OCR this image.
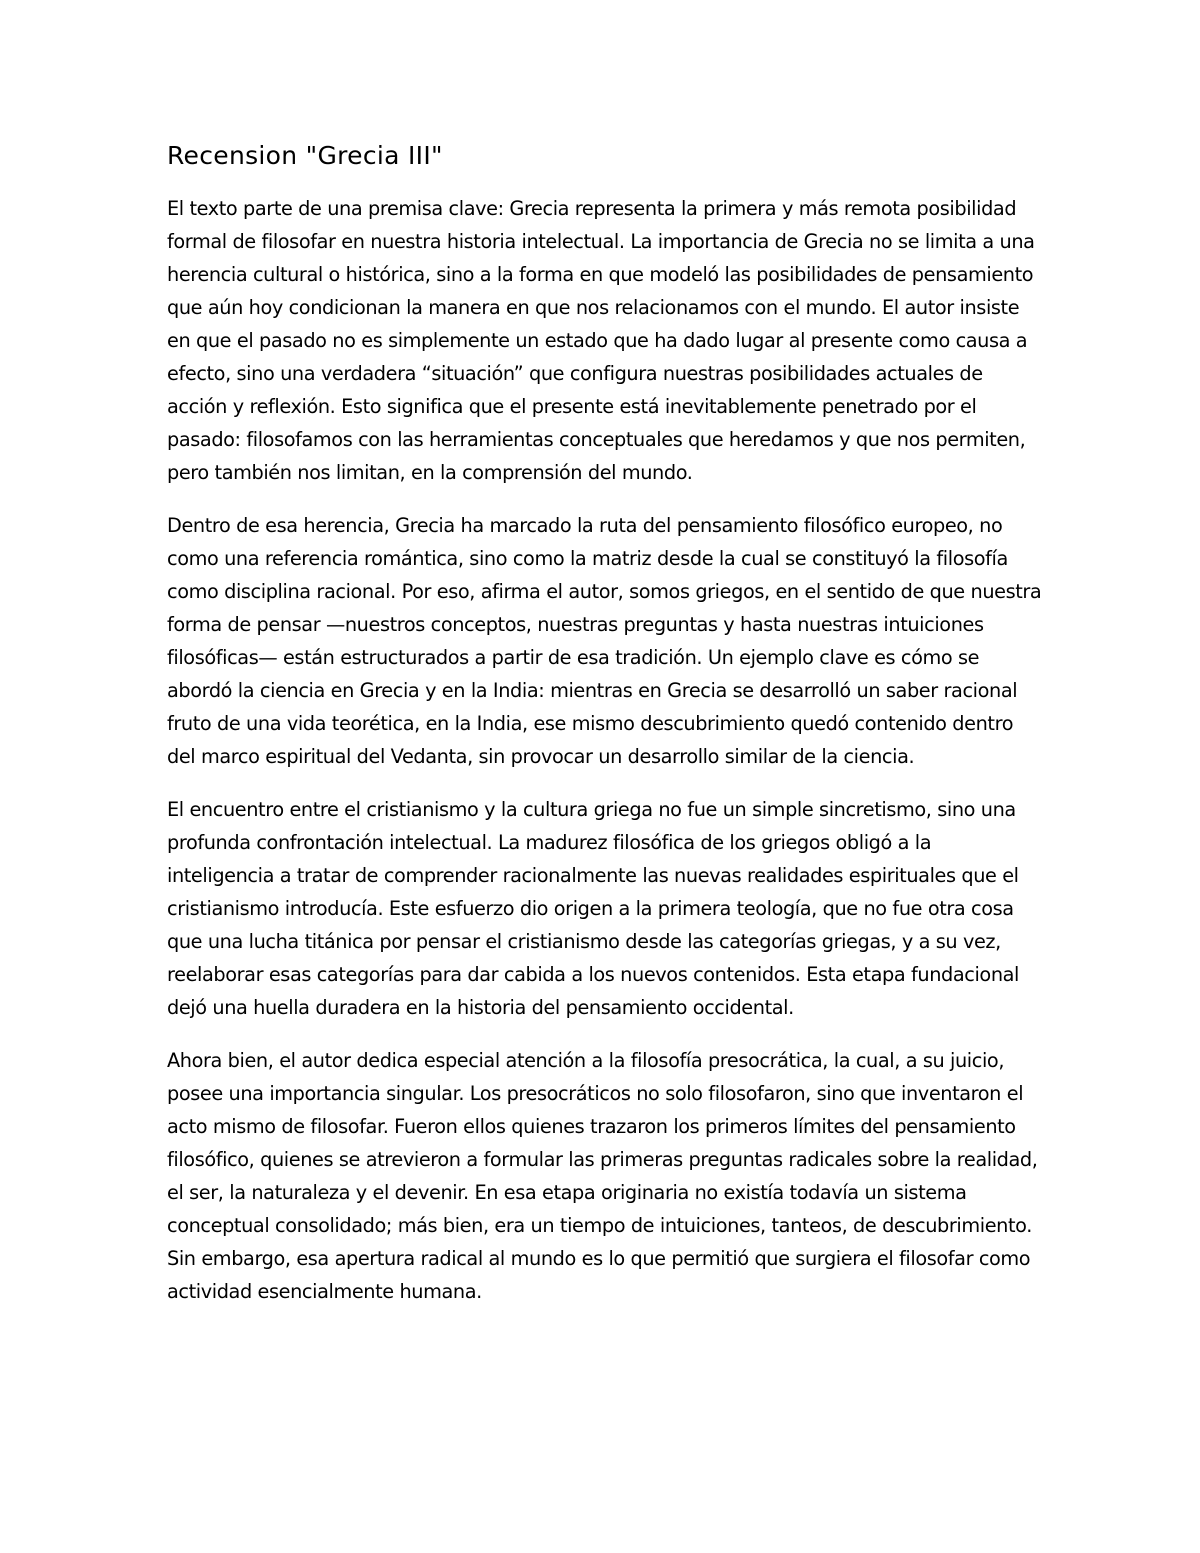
Recension "Grecia III"

El texto parte de una premisa clave: Grecia representa la primera y más remota posibilidad formal de filosofar en nuestra historia intelectual. La importancia de Grecia no se limita a una herencia cultural o histórica, sino a la forma en que modeló las posibilidades de pensamiento que aún hoy condicionan la manera en que nos relacionamos con el mundo. El autor insiste en que el pasado no es simplemente un estado que ha dado lugar al presente como causa a efecto, sino una verdadera “situación” que configura nuestras posibilidades actuales de acción y reflexión. Esto significa que el presente está inevitablemente penetrado por el pasado: filosofamos con las herramientas conceptuales que heredamos y que nos permiten, pero también nos limitan, en la comprensión del mundo.

Dentro de esa herencia, Grecia ha marcado la ruta del pensamiento filosófico europeo, no como una referencia romántica, sino como la matriz desde la cual se constituyó la filosofía como disciplina racional. Por eso, afirma el autor, somos griegos, en el sentido de que nuestra forma de pensar —nuestros conceptos, nuestras preguntas y hasta nuestras intuiciones filosóficas— están estructurados a partir de esa tradición. Un ejemplo clave es cómo se abordó la ciencia en Grecia y en la India: mientras en Grecia se desarrolló un saber racional fruto de una vida teorética, en la India, ese mismo descubrimiento quedó contenido dentro del marco espiritual del Vedanta, sin provocar un desarrollo similar de la ciencia.

El encuentro entre el cristianismo y la cultura griega no fue un simple sincretismo, sino una profunda confrontación intelectual. La madurez filosófica de los griegos obligó a la inteligencia a tratar de comprender racionalmente las nuevas realidades espirituales que el cristianismo introducía. Este esfuerzo dio origen a la primera teología, que no fue otra cosa que una lucha titánica por pensar el cristianismo desde las categorías griegas, y a su vez, reelaborar esas categorías para dar cabida a los nuevos contenidos. Esta etapa fundacional dejó una huella duradera en la historia del pensamiento occidental.

Ahora bien, el autor dedica especial atención a la filosofía presocrática, la cual, a su juicio, posee una importancia singular. Los presocráticos no solo filosofaron, sino que inventaron el acto mismo de filosofar. Fueron ellos quienes trazaron los primeros límites del pensamiento filosófico, quienes se atrevieron a formular las primeras preguntas radicales sobre la realidad, el ser, la naturaleza y el devenir. En esa etapa originaria no existía todavía un sistema conceptual consolidado; más bien, era un tiempo de intuiciones, tanteos, de descubrimiento. Sin embargo, esa apertura radical al mundo es lo que permitió que surgiera el filosofar como actividad esencialmente humana.
